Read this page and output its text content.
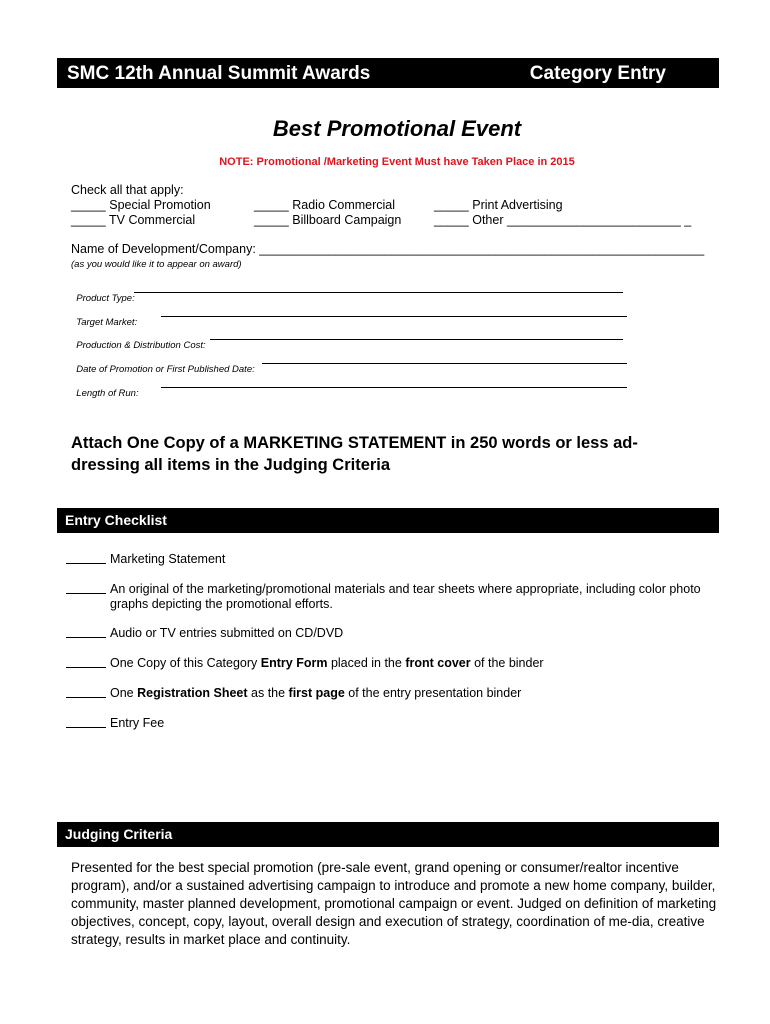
SMC 12th Annual Summit Awards	Category Entry
Best Promotional Event
NOTE: Promotional /Marketing Event Must have Taken Place in 2015
Check all that apply:
_____ Special Promotion
_____ TV Commercial
_____ Radio Commercial
_____ Billboard Campaign
_____ Print Advertising
_____ Other _________________________ _
Name of Development/Company: ________________________________________________________________
(as you would like it to appear on award)

Product Type:

Target Market:

Production & Distribution Cost:

Date of Promotion or First Published Date:

Length of Run:

Attach One Copy of a MARKETING STATEMENT in 250 words or less ad-dressing all items in the Judging Criteria
Entry Checklist
Marketing Statement
An original of the marketing/promotional materials and tear sheets where appropriate, including color photo
graphs depicting the promotional efforts.
Audio or TV entries submitted on CD/DVD
One Copy of this Category Entry Form placed in the front cover of the binder
One Registration Sheet as the first page of the entry presentation binder
Entry Fee
Judging Criteria
Presented for the best special promotion (pre-sale event, grand opening or consumer/realtor incentive program), and/or a sustained advertising campaign to introduce and promote a new home company, builder, community, master planned development, promotional campaign or event. Judged on definition of marketing objectives, concept, copy, layout, overall design and execution of strategy, coordination of me-dia, creative strategy, results in market place and continuity.
